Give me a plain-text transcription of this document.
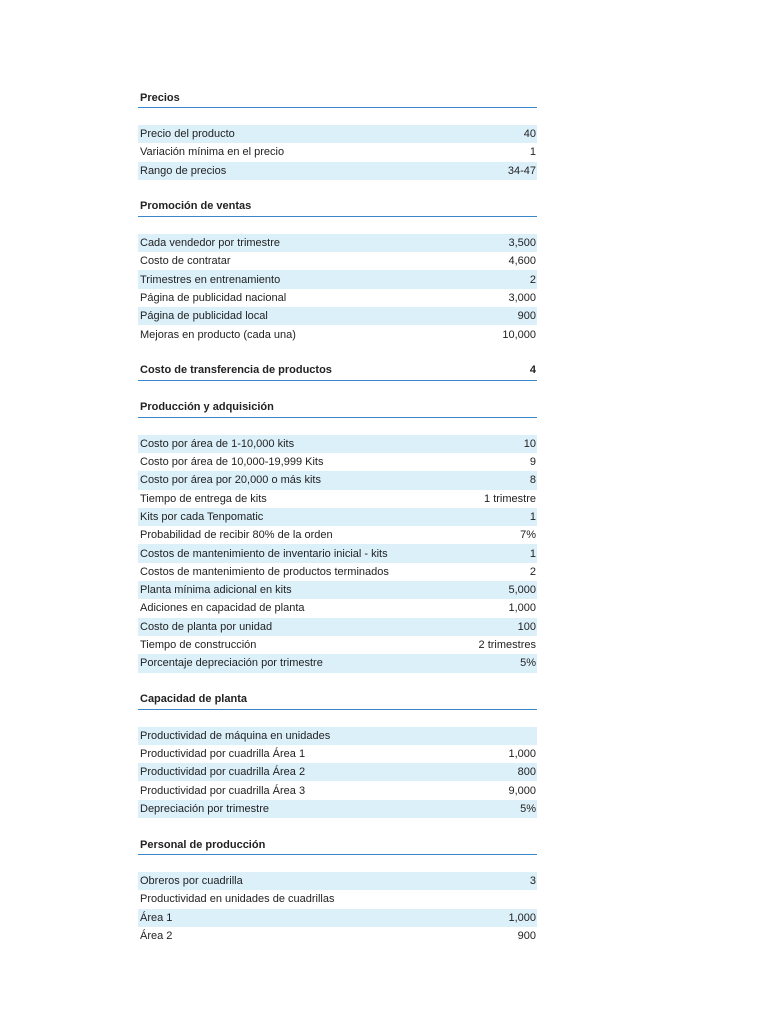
Precios
Precio del producto	40
Variación mínima en el precio	1
Rango de precios	34-47
Promoción de ventas
Cada vendedor por trimestre	3,500
Costo de contratar	4,600
Trimestres en entrenamiento	2
Página de publicidad nacional	3,000
Página de publicidad local	900
Mejoras en producto (cada una)	10,000
Costo de transferencia de productos	4
Producción y adquisición
Costo por área de 1-10,000 kits	10
Costo por área de 10,000-19,999 Kits	9
Costo por área por 20,000 o más kits	8
Tiempo de entrega de kits	1 trimestre
Kits por cada Tenpomatic	1
Probabilidad de recibir 80% de la orden	7%
Costos de mantenimiento de inventario inicial - kits	1
Costos de mantenimiento de productos terminados	2
Planta mínima adicional en kits	5,000
Adiciones en capacidad de planta	1,000
Costo de planta por unidad	100
Tiempo de construcción	2 trimestres
Porcentaje depreciación por trimestre	5%
Capacidad de planta
Productividad de máquina en unidades
Productividad por cuadrilla Área 1	1,000
Productividad por cuadrilla Área 2	800
Productividad por cuadrilla Área 3	9,000
Depreciación por trimestre	5%
Personal de producción
Obreros por cuadrilla	3
Productividad en unidades de cuadrillas
Área 1	1,000
Área 2	900
